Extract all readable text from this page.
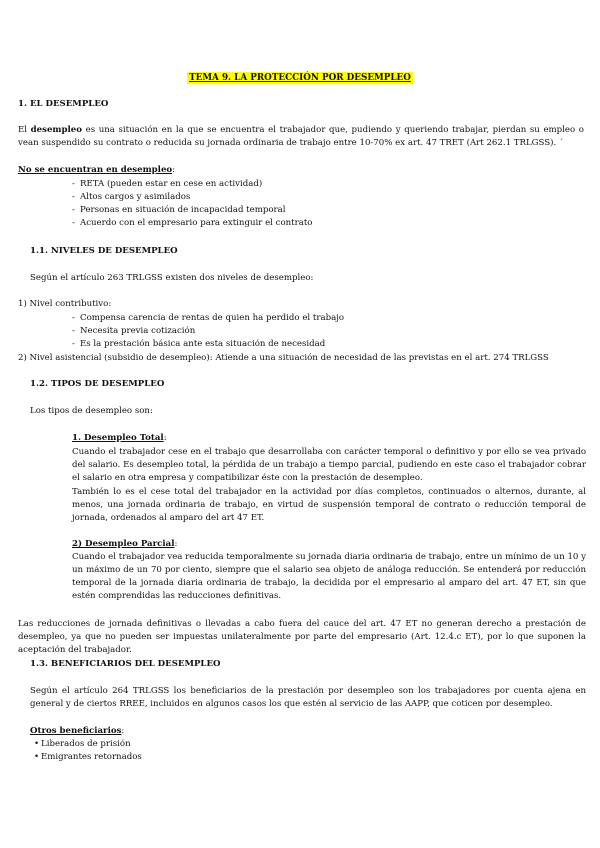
TEMA 9. LA PROTECCIÓN POR DESEMPLEO
1. EL DESEMPLEO

El desempleo es una situación en la que se encuentra el trabajador que, pudiendo y queriendo trabajar, pierdan su empleo o vean suspendido su contrato o reducida su jornada ordinaria de trabajo entre 10-70% ex art. 47 TRET (Art 262.1 TRLGSS). ´

No se encuentran en desempleo:
- RETA (pueden estar en cese en actividad)
- Altos cargos y asimilados
- Personas en situación de incapacidad temporal
- Acuerdo con el empresario para extinguir el contrato
1.1. NIVELES DE DESEMPLEO

Según el artículo 263 TRLGSS existen dos niveles de desempleo:

1) Nivel contributivo:

- Compensa carencia de rentas de quien ha perdido el trabajo
- Necesita previa cotización
- Es la prestación básica ante esta situación de necesidad

2) Nivel asistencial (subsidio de desempleo): Atiende a una situación de necesidad de las previstas en el art. 274 TRLGSS

1.2. TIPOS DE DESEMPLEO

Los tipos de desempleo son:

1. Desempleo Total:

Cuando el trabajador cese en el trabajo que desarrollaba con carácter temporal o definitivo y por ello se vea privado del salario. Es desempleo total, la pérdida de un trabajo a tiempo parcial, pudiendo en este caso el trabajador cobrar el salario en otra empresa y compatibilizar éste con la prestación de desempleo.

También lo es el cese total del trabajador en la actividad por días completos, continuados o alternos, durante, al menos, una jornada ordinaria de trabajo, en virtud de suspensión temporal de contrato o reducción temporal de jornada, ordenados al amparo del art 47 ET.

2) Desempleo Parcial:

Cuando el trabajador vea reducida temporalmente su jornada diaria ordinaria de trabajo, entre un mínimo de un 10 y un máximo de un 70 por ciento, siempre que el salario sea objeto de análoga reducción. Se entenderá por reducción temporal de la jornada diaria ordinaria de trabajo, la decidida por el empresario al amparo del art. 47 ET, sin que estén comprendidas las reducciones definitivas.

Las reducciones de jornada definitivas o llevadas a cabo fuera del cauce del art. 47 ET no generan derecho a prestación de desempleo, ya que no pueden ser impuestas unilateralmente por parte del empresario (Art. 12.4.c ET), por lo que suponen la aceptación del trabajador.

1.3. BENEFICIARIOS DEL DESEMPLEO

Según el artículo 264 TRLGSS los beneficiarios de la prestación por desempleo son los trabajadores por cuenta ajena en general y de ciertos RREE, incluidos en algunos casos los que estén al servicio de las AAPP, que coticen por desempleo.

Otros beneficiarios:
• Liberados de prisión
• Emigrantes retornados
